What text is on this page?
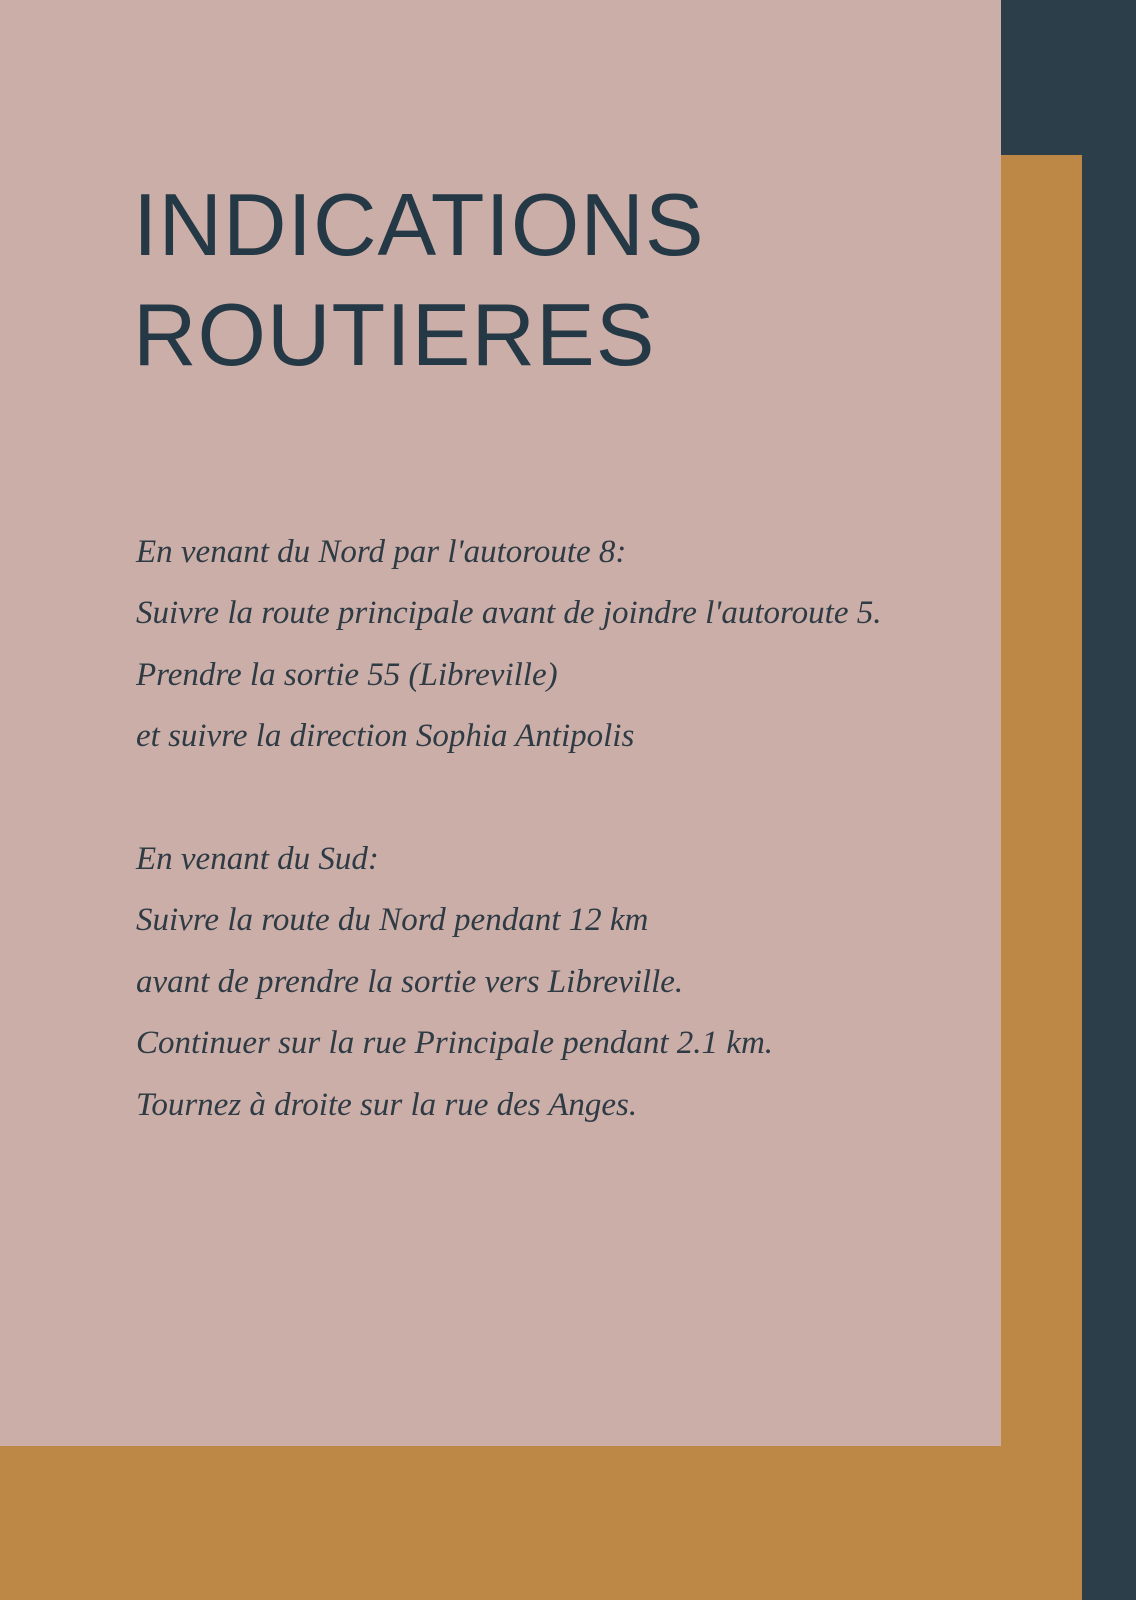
INDICATIONS
ROUTIERES

En venant du Nord par l'autoroute 8:
Suivre la route principale avant de joindre l'autoroute 5.
Prendre la sortie 55 (Libreville)
et suivre la direction Sophia Antipolis

En venant du Sud:
Suivre la route du Nord pendant 12 km
avant de prendre la sortie vers Libreville.
Continuer sur la rue Principale pendant 2.1 km.
Tournez à droite sur la rue des Anges.
